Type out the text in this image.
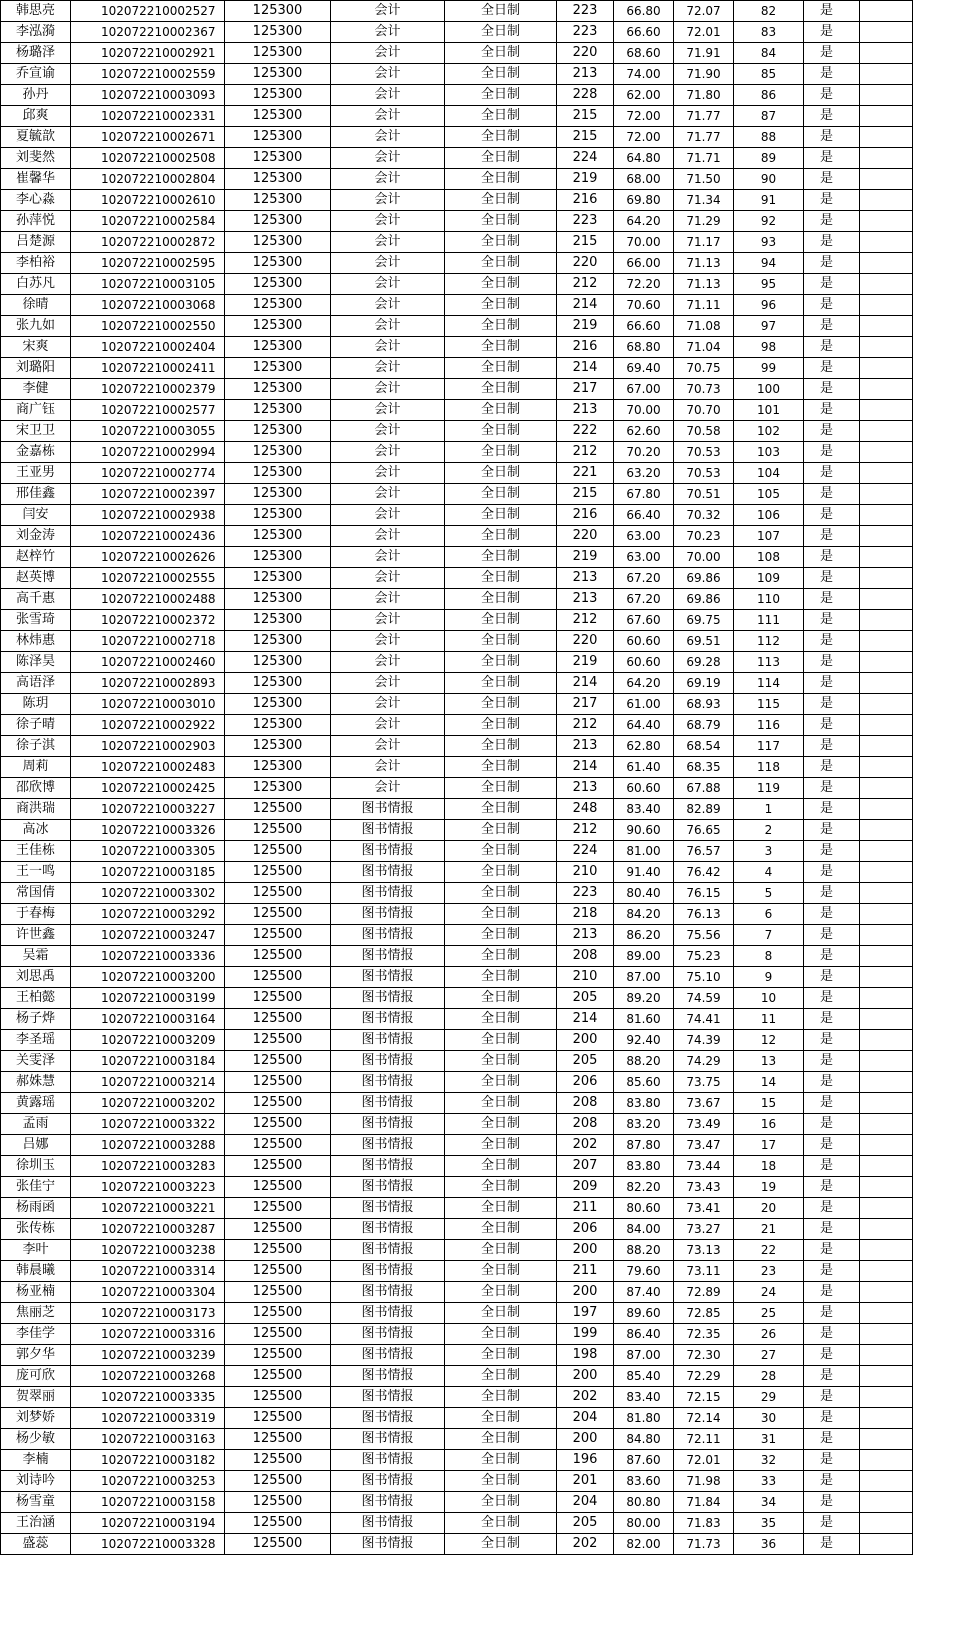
韩思亮	102072210002527	125300	会计	全日制	223	66.80	72.07	82	是	
李泓漪	102072210002367	125300	会计	全日制	223	66.60	72.01	83	是	
杨璐泽	102072210002921	125300	会计	全日制	220	68.60	71.91	84	是	
乔宣谕	102072210002559	125300	会计	全日制	213	74.00	71.90	85	是	
孙丹	102072210003093	125300	会计	全日制	228	62.00	71.80	86	是	
邱爽	102072210002331	125300	会计	全日制	215	72.00	71.77	87	是	
夏毓歆	102072210002671	125300	会计	全日制	215	72.00	71.77	88	是	
刘斐然	102072210002508	125300	会计	全日制	224	64.80	71.71	89	是	
崔馨华	102072210002804	125300	会计	全日制	219	68.00	71.50	90	是	
李心淼	102072210002610	125300	会计	全日制	216	69.80	71.34	91	是	
孙萍悦	102072210002584	125300	会计	全日制	223	64.20	71.29	92	是	
吕楚源	102072210002872	125300	会计	全日制	215	70.00	71.17	93	是	
李柏裕	102072210002595	125300	会计	全日制	220	66.00	71.13	94	是	
白苏凡	102072210003105	125300	会计	全日制	212	72.20	71.13	95	是	
徐晴	102072210003068	125300	会计	全日制	214	70.60	71.11	96	是	
张九如	102072210002550	125300	会计	全日制	219	66.60	71.08	97	是	
宋爽	102072210002404	125300	会计	全日制	216	68.80	71.04	98	是	
刘璐阳	102072210002411	125300	会计	全日制	214	69.40	70.75	99	是	
李健	102072210002379	125300	会计	全日制	217	67.00	70.73	100	是	
商广钰	102072210002577	125300	会计	全日制	213	70.00	70.70	101	是	
宋卫卫	102072210003055	125300	会计	全日制	222	62.60	70.58	102	是	
金嘉栋	102072210002994	125300	会计	全日制	212	70.20	70.53	103	是	
王亚男	102072210002774	125300	会计	全日制	221	63.20	70.53	104	是	
邢佳鑫	102072210002397	125300	会计	全日制	215	67.80	70.51	105	是	
闫安	102072210002938	125300	会计	全日制	216	66.40	70.32	106	是	
刘金涛	102072210002436	125300	会计	全日制	220	63.00	70.23	107	是	
赵梓竹	102072210002626	125300	会计	全日制	219	63.00	70.00	108	是	
赵英博	102072210002555	125300	会计	全日制	213	67.20	69.86	109	是	
高千惠	102072210002488	125300	会计	全日制	213	67.20	69.86	110	是	
张雪琦	102072210002372	125300	会计	全日制	212	67.60	69.75	111	是	
林炜惠	102072210002718	125300	会计	全日制	220	60.60	69.51	112	是	
陈泽昊	102072210002460	125300	会计	全日制	219	60.60	69.28	113	是	
高语泽	102072210002893	125300	会计	全日制	214	64.20	69.19	114	是	
陈玥	102072210003010	125300	会计	全日制	217	61.00	68.93	115	是	
徐子晴	102072210002922	125300	会计	全日制	212	64.40	68.79	116	是	
徐子淇	102072210002903	125300	会计	全日制	213	62.80	68.54	117	是	
周莉	102072210002483	125300	会计	全日制	214	61.40	68.35	118	是	
邵欣博	102072210002425	125300	会计	全日制	213	60.60	67.88	119	是	
商洪瑞	102072210003227	125500	图书情报	全日制	248	83.40	82.89	1	是	
高冰	102072210003326	125500	图书情报	全日制	212	90.60	76.65	2	是	
王佳栋	102072210003305	125500	图书情报	全日制	224	81.00	76.57	3	是	
王一鸣	102072210003185	125500	图书情报	全日制	210	91.40	76.42	4	是	
常国倩	102072210003302	125500	图书情报	全日制	223	80.40	76.15	5	是	
于春梅	102072210003292	125500	图书情报	全日制	218	84.20	76.13	6	是	
许世鑫	102072210003247	125500	图书情报	全日制	213	86.20	75.56	7	是	
吴霜	102072210003336	125500	图书情报	全日制	208	89.00	75.23	8	是	
刘思禹	102072210003200	125500	图书情报	全日制	210	87.00	75.10	9	是	
王柏懿	102072210003199	125500	图书情报	全日制	205	89.20	74.59	10	是	
杨子烨	102072210003164	125500	图书情报	全日制	214	81.60	74.41	11	是	
李圣瑶	102072210003209	125500	图书情报	全日制	200	92.40	74.39	12	是	
关雯泽	102072210003184	125500	图书情报	全日制	205	88.20	74.29	13	是	
郝姝慧	102072210003214	125500	图书情报	全日制	206	85.60	73.75	14	是	
黄露瑶	102072210003202	125500	图书情报	全日制	208	83.80	73.67	15	是	
孟雨	102072210003322	125500	图书情报	全日制	208	83.20	73.49	16	是	
吕娜	102072210003288	125500	图书情报	全日制	202	87.80	73.47	17	是	
徐圳玉	102072210003283	125500	图书情报	全日制	207	83.80	73.44	18	是	
张佳宁	102072210003223	125500	图书情报	全日制	209	82.20	73.43	19	是	
杨雨函	102072210003221	125500	图书情报	全日制	211	80.60	73.41	20	是	
张传栋	102072210003287	125500	图书情报	全日制	206	84.00	73.27	21	是	
李叶	102072210003238	125500	图书情报	全日制	200	88.20	73.13	22	是	
韩晨曦	102072210003314	125500	图书情报	全日制	211	79.60	73.11	23	是	
杨亚楠	102072210003304	125500	图书情报	全日制	200	87.40	72.89	24	是	
焦丽芝	102072210003173	125500	图书情报	全日制	197	89.60	72.85	25	是	
李佳学	102072210003316	125500	图书情报	全日制	199	86.40	72.35	26	是	
郭夕华	102072210003239	125500	图书情报	全日制	198	87.00	72.30	27	是	
庞可欣	102072210003268	125500	图书情报	全日制	200	85.40	72.29	28	是	
贺翠丽	102072210003335	125500	图书情报	全日制	202	83.40	72.15	29	是	
刘梦娇	102072210003319	125500	图书情报	全日制	204	81.80	72.14	30	是	
杨少敏	102072210003163	125500	图书情报	全日制	200	84.80	72.11	31	是	
李楠	102072210003182	125500	图书情报	全日制	196	87.60	72.01	32	是	
刘诗吟	102072210003253	125500	图书情报	全日制	201	83.60	71.98	33	是	
杨雪童	102072210003158	125500	图书情报	全日制	204	80.80	71.84	34	是	
王治涵	102072210003194	125500	图书情报	全日制	205	80.00	71.83	35	是	
盛蕊	102072210003328	125500	图书情报	全日制	202	82.00	71.73	36	是	
